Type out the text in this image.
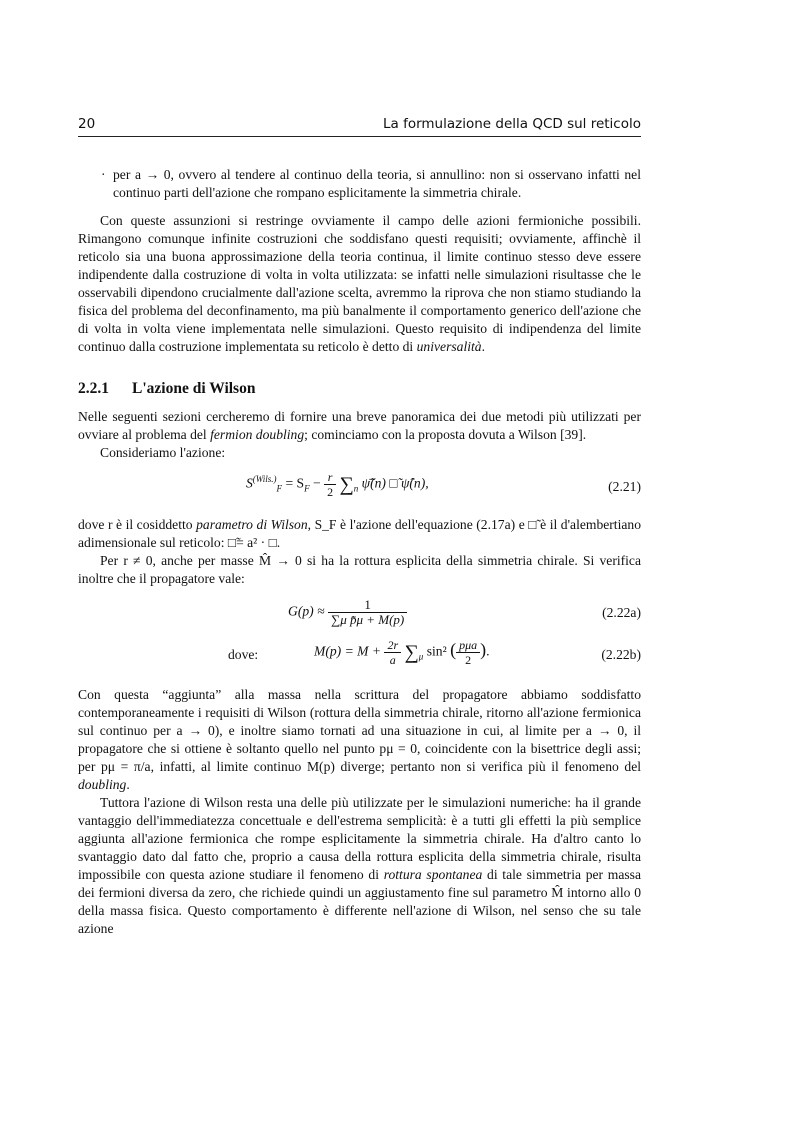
20	La formulazione della QCD sul reticolo

· per a → 0, ovvero al tendere al continuo della teoria, si annullino: non si osservano infatti nel continuo parti dell'azione che rompano esplicitamente la simmetria chirale.

Con queste assunzioni si restringe ovviamente il campo delle azioni fermioniche possibili. Rimangono comunque infinite costruzioni che soddisfano questi requisiti; ovviamente, affinchè il reticolo sia una buona approssimazione della teoria continua, il limite continuo stesso deve essere indipendente dalla costruzione di volta in volta utilizzata: se infatti nelle simulazioni risultasse che le osservabili dipendono crucialmente dall'azione scelta, avremmo la riprova che non stiamo studiando la fisica del problema del deconfinamento, ma più banalmente il comportamento generico dell'azione che di volta in volta viene implementata nelle simulazioni. Questo requisito di indipendenza del limite continuo dalla costruzione implementata su reticolo è detto di universalità.

2.2.1 L'azione di Wilson

Nelle seguenti sezioni cercheremo di fornire una breve panoramica dei due metodi più utilizzati per ovviare al problema del fermion doubling; cominciamo con la proposta dovuta a Wilson [39].

Consideriamo l'azione:

$S^{(Wils.)}_F = S_F - \frac{r}{2} \sum_n$ ψ̄̃(n) □̃ ψ̂(n),	(2.21)

dove r è il cosiddetto parametro di Wilson, S_F è l'azione dell'equazione (2.17a) e □̃ è il d'alembertiano adimensionale sul reticolo: □̃= a² · □.

Per r ≠ 0, anche per masse M̂ → 0 si ha la rottura esplicita della simmetria chirale. Si verifica inoltre che il propagatore vale:

$G(p) \approx \frac{1}{\text{∑μ p̄̃μ + M(p)}}$	(2.22a)
dove:	$M(p) = M + \frac{2r}{a} \sum_\mu$ sin² ( $\frac{\text{pμa}}{2}$ ).	(2.22b)

Con questa “aggiunta” alla massa nella scrittura del propagatore abbiamo soddisfatto contemporaneamente i requisiti di Wilson (rottura della simmetria chirale, ritorno all'azione fermionica sul continuo per a → 0), e inoltre siamo tornati ad una situazione in cui, al limite per a → 0, il propagatore che si ottiene è soltanto quello nel punto pμ = 0, coincidente con la bisettrice degli assi; per pμ = π/a, infatti, al limite continuo M(p) diverge; pertanto non si verifica più il fenomeno del doubling.

Tuttora l'azione di Wilson resta una delle più utilizzate per le simulazioni numeriche: ha il grande vantaggio dell'immediatezza concettuale e dell'estrema semplicità: è a tutti gli effetti la più semplice aggiunta all'azione fermionica che rompe esplicitamente la simmetria chirale. Ha d'altro canto lo svantaggio dato dal fatto che, proprio a causa della rottura esplicita della simmetria chirale, risulta impossibile con questa azione studiare il fenomeno di rottura spontanea di tale simmetria per massa dei fermioni diversa da zero, che richiede quindi un aggiustamento fine sul parametro M̂ intorno allo 0 della massa fisica. Questo comportamento è differente nell'azione di Wilson, nel senso che su tale azione
